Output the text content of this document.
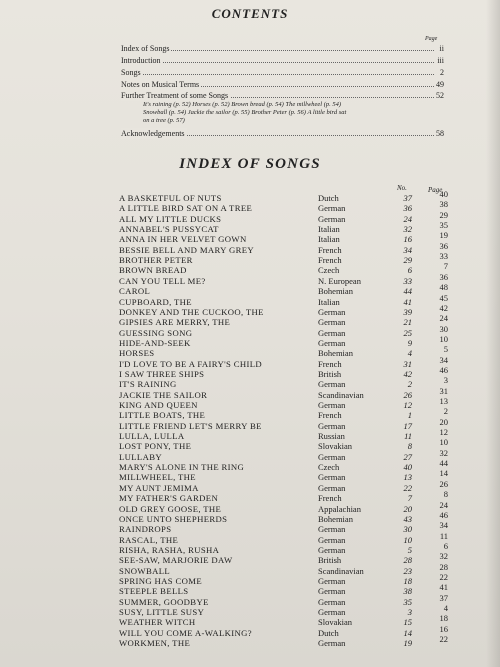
CONTENTS
Page
Index of Songs	ii
Introduction	iii
Songs	2
Notes on Musical Terms	49
Further Treatment of some Songs	52
It's raining (p. 52) Horses (p. 52) Brown bread (p. 54) The millwheel (p. 54)
Snowball (p. 54) Jackie the sailor (p. 55) Brother Peter (p. 56) A little bird sat
on a tree (p. 57)
Acknowledgements	58
INDEX OF SONGS
No.	Page
A BASKETFUL OF NUTS	Dutch	37	40
A LITTLE BIRD SAT ON A TREE	German	36	38
ALL MY LITTLE DUCKS	German	24	29
ANNABEL'S PUSSYCAT	Italian	32	35
ANNA IN HER VELVET GOWN	Italian	16	19
BESSIE BELL AND MARY GREY	French	34	36
BROTHER PETER	French	29	33
BROWN BREAD	Czech	6	7
CAN YOU TELL ME?	N. European	33	36
CAROL	Bohemian	44	48
CUPBOARD, THE	Italian	41	45
DONKEY AND THE CUCKOO, THE	German	39	42
GIPSIES ARE MERRY, THE	German	21	24
GUESSING SONG	German	25	30
HIDE-AND-SEEK	German	9	10
HORSES	Bohemian	4	5
I'D LOVE TO BE A FAIRY'S CHILD	French	31	34
I SAW THREE SHIPS	British	42	46
IT'S RAINING	German	2	3
JACKIE THE SAILOR	Scandinavian	26	31
KING AND QUEEN	German	12	13
LITTLE BOATS, THE	French	1	2
LITTLE FRIEND LET'S MERRY BE	German	17	20
LULLA, LULLA	Russian	11	12
LOST PONY, THE	Slovakian	8	10
LULLABY	German	27	32
MARY'S ALONE IN THE RING	Czech	40	44
MILLWHEEL, THE	German	13	14
MY AUNT JEMIMA	German	22	26
MY FATHER'S GARDEN	French	7	8
OLD GREY GOOSE, THE	Appalachian	20	24
ONCE UNTO SHEPHERDS	Bohemian	43	46
RAINDROPS	German	30	34
RASCAL, THE	German	10	11
RISHA, RASHA, RUSHA	German	5	6
SEE-SAW, MARJORIE DAW	British	28	32
SNOWBALL	Scandinavian	23	28
SPRING HAS COME	German	18	22
STEEPLE BELLS	German	38	41
SUMMER, GOODBYE	German	35	37
SUSY, LITTLE SUSY	German	3	4
WEATHER WITCH	Slovakian	15	18
WILL YOU COME A-WALKING?	Dutch	14	16
WORKMEN, THE	German	19	22
